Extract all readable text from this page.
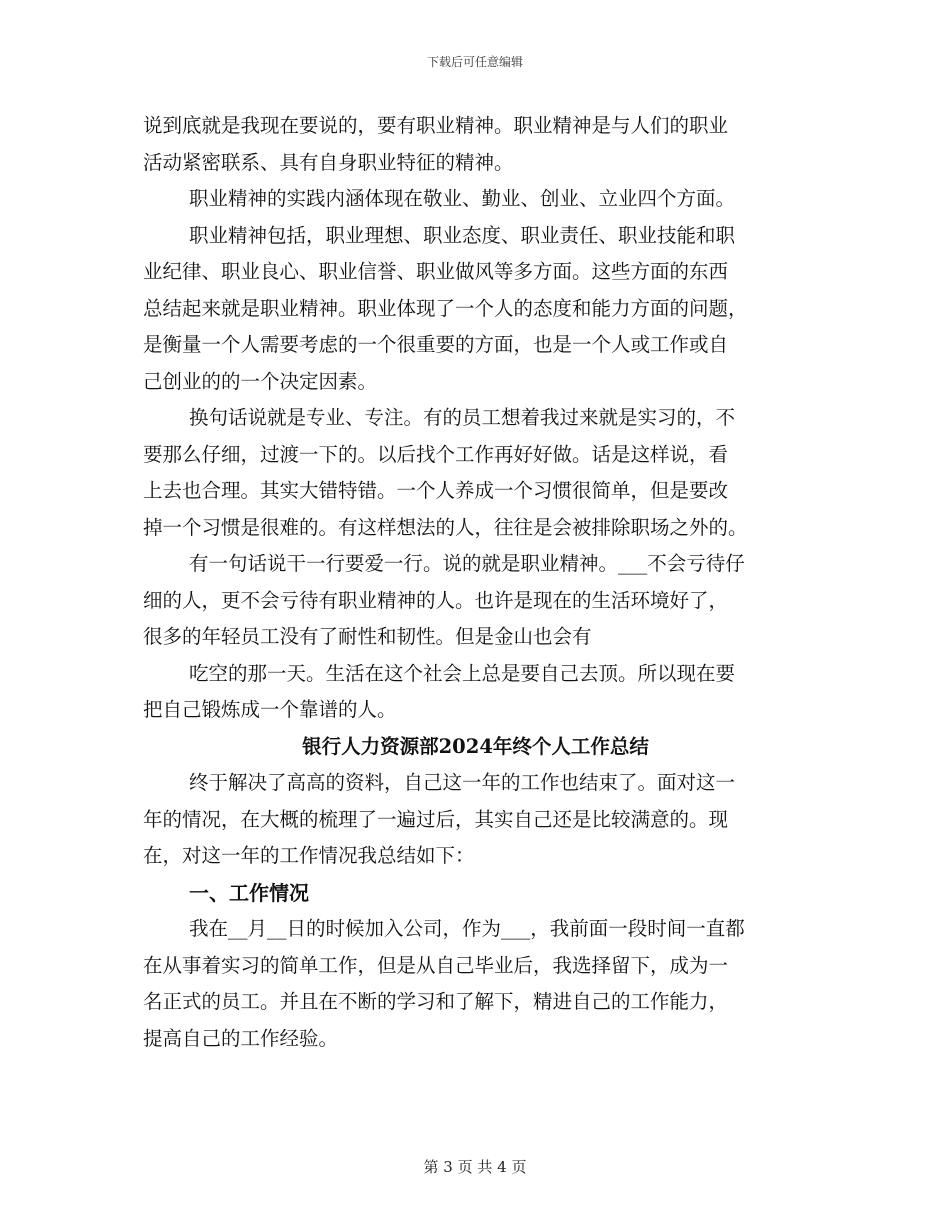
下载后可任意编辑
说到底就是我现在要说的，要有职业精神。职业精神是与人们的职业
活动紧密联系、具有自身职业特征的精神。
职业精神的实践内涵体现在敬业、勤业、创业、立业四个方面。
职业精神包括，职业理想、职业态度、职业责任、职业技能和职
业纪律、职业良心、职业信誉、职业做风等多方面。这些方面的东西
总结起来就是职业精神。职业体现了一个人的态度和能力方面的问题，
是衡量一个人需要考虑的一个很重要的方面，也是一个人或工作或自
己创业的的一个决定因素。
换句话说就是专业、专注。有的员工想着我过来就是实习的，不
要那么仔细，过渡一下的。以后找个工作再好好做。话是这样说，看
上去也合理。其实大错特错。一个人养成一个习惯很简单，但是要改
掉一个习惯是很难的。有这样想法的人，往往是会被排除职场之外的。
有一句话说干一行要爱一行。说的就是职业精神。___不会亏待仔
细的人，更不会亏待有职业精神的人。也许是现在的生活环境好了，
很多的年轻员工没有了耐性和韧性。但是金山也会有
吃空的那一天。生活在这个社会上总是要自己去顶。所以现在要
把自己锻炼成一个靠谱的人。
银行人力资源部2024年终个人工作总结
终于解决了高高的资料，自己这一年的工作也结束了。面对这一
年的情况，在大概的梳理了一遍过后，其实自己还是比较满意的。现
在，对这一年的工作情况我总结如下：
一、工作情况
我在__月__日的时候加入公司，作为___，我前面一段时间一直都
在从事着实习的简单工作，但是从自己毕业后，我选择留下，成为一
名正式的员工。并且在不断的学习和了解下，精进自己的工作能力，
提高自己的工作经验。
第 3 页 共 4 页
